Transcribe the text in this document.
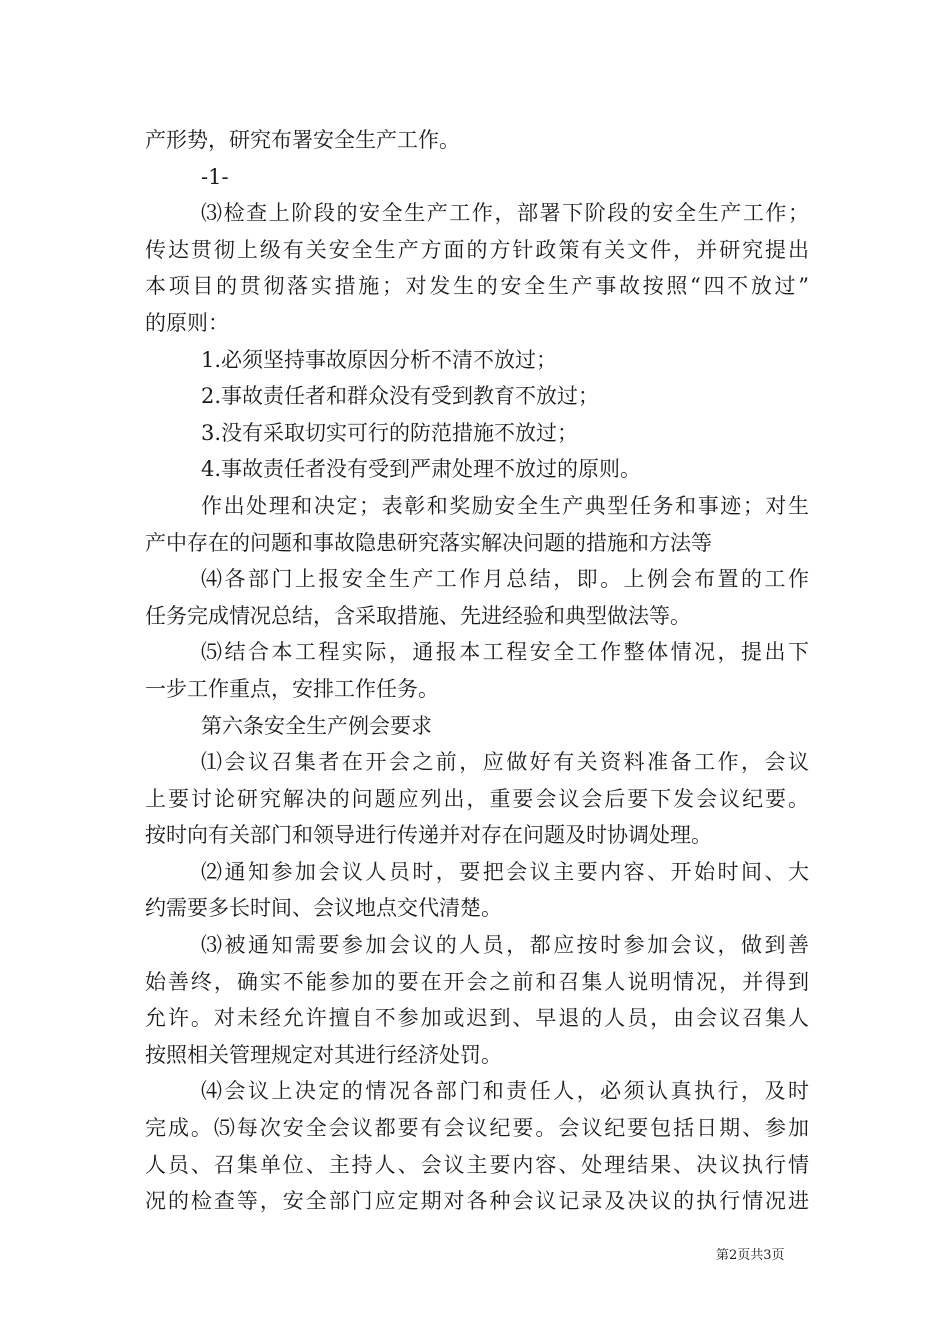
产形势，研究布署安全生产工作。
-1-
⑶检查上阶段的安全生产工作，部署下阶段的安全生产工作；
传达贯彻上级有关安全生产方面的方针政策有关文件，并研究提出
本项目的贯彻落实措施；对发生的安全生产事故按照“四不放过”
的原则：
1.必须坚持事故原因分析不清不放过；
2.事故责任者和群众没有受到教育不放过；
3.没有采取切实可行的防范措施不放过；
4.事故责任者没有受到严肃处理不放过的原则。
作出处理和决定；表彰和奖励安全生产典型任务和事迹；对生
产中存在的问题和事故隐患研究落实解决问题的措施和方法等
⑷各部门上报安全生产工作月总结，即。上例会布置的工作
任务完成情况总结，含采取措施、先进经验和典型做法等。
⑸结合本工程实际，通报本工程安全工作整体情况，提出下
一步工作重点，安排工作任务。
第六条安全生产例会要求
⑴会议召集者在开会之前，应做好有关资料准备工作，会议
上要讨论研究解决的问题应列出，重要会议会后要下发会议纪要。
按时向有关部门和领导进行传递并对存在问题及时协调处理。
⑵通知参加会议人员时，要把会议主要内容、开始时间、大
约需要多长时间、会议地点交代清楚。
⑶被通知需要参加会议的人员，都应按时参加会议，做到善
始善终，确实不能参加的要在开会之前和召集人说明情况，并得到
允许。对未经允许擅自不参加或迟到、早退的人员，由会议召集人
按照相关管理规定对其进行经济处罚。
⑷会议上决定的情况各部门和责任人，必须认真执行，及时
完成。⑸每次安全会议都要有会议纪要。会议纪要包括日期、参加
人员、召集单位、主持人、会议主要内容、处理结果、决议执行情
况的检查等，安全部门应定期对各种会议记录及决议的执行情况进
第2页共3页
